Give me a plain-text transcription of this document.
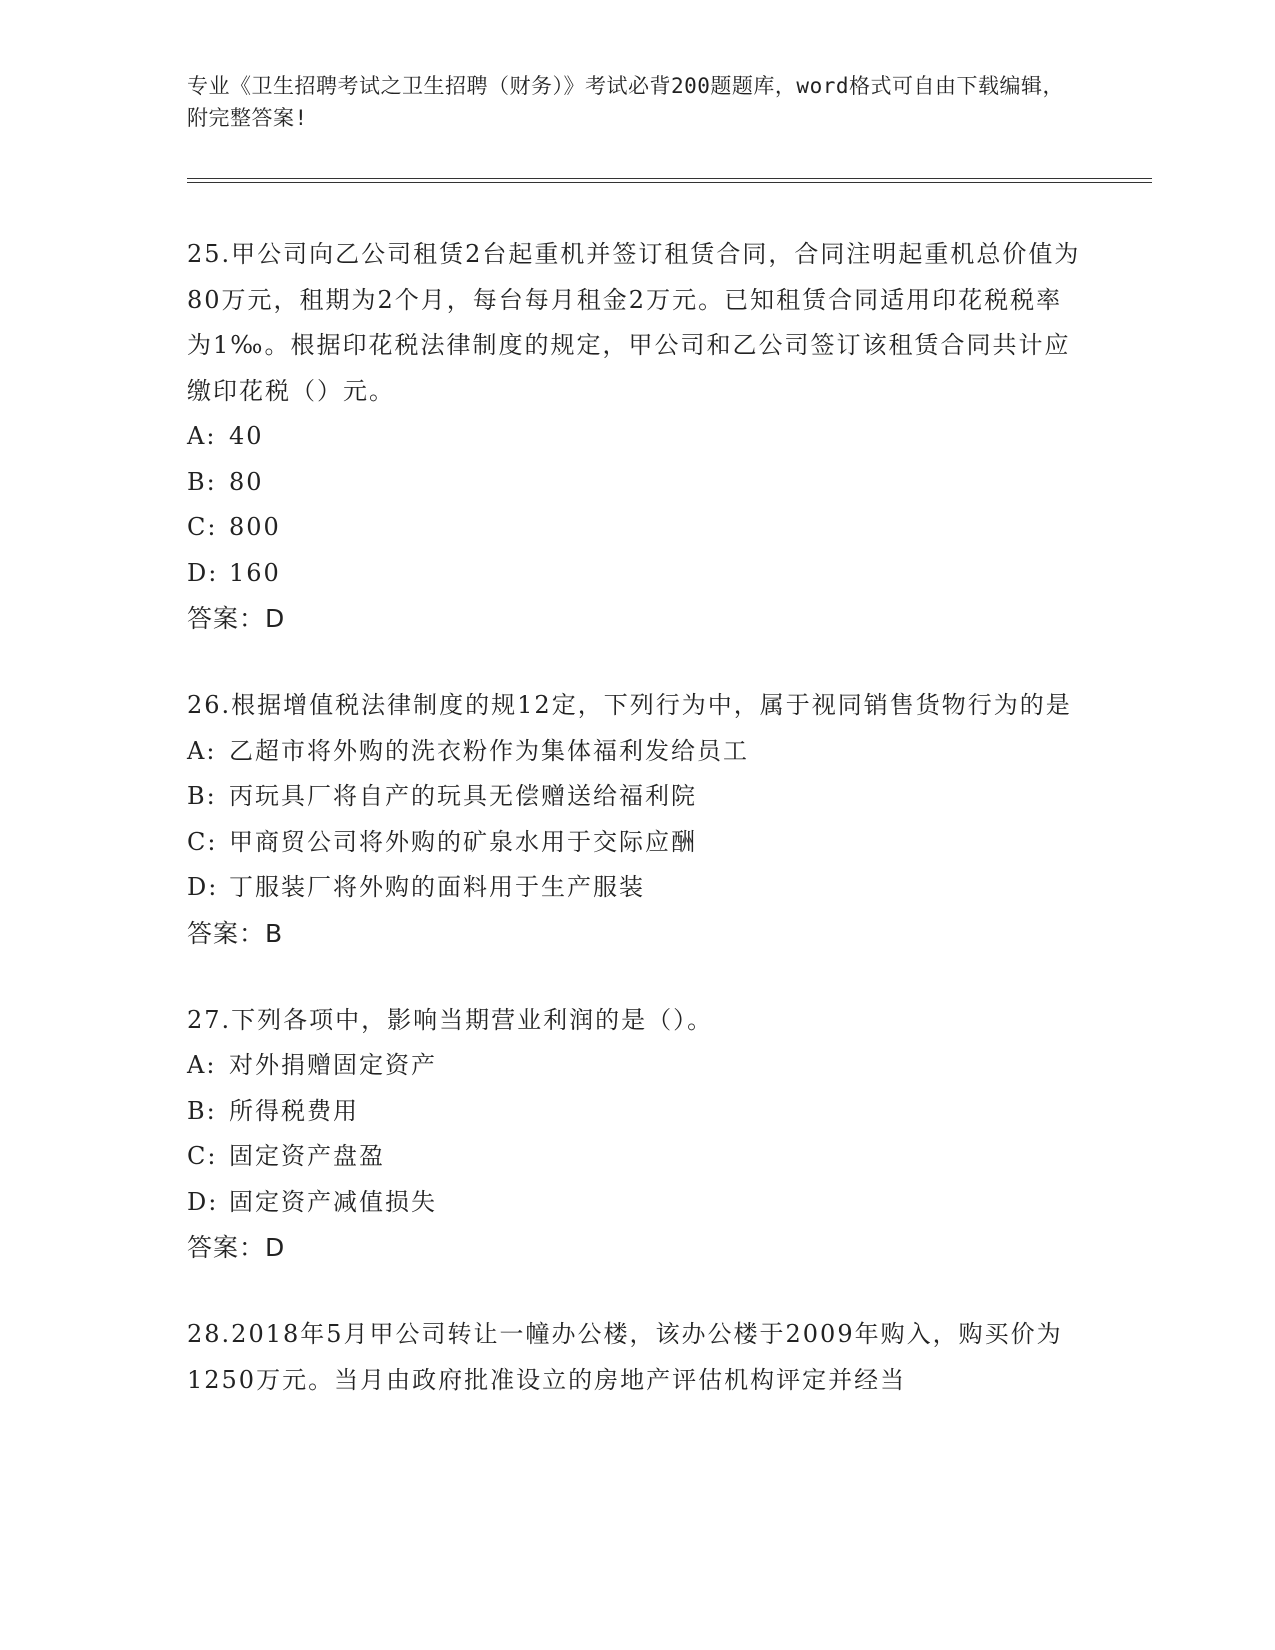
专业《卫生招聘考试之卫生招聘（财务）》考试必背200题题库，word格式可自由下载编辑，附完整答案!

25.甲公司向乙公司租赁2台起重机并签订租赁合同，合同注明起重机总价值为80万元，租期为2个月，每台每月租金2万元。已知租赁合同适用印花税税率为1‰。根据印花税法律制度的规定，甲公司和乙公司签订该租赁合同共计应缴印花税（）元。

A: 40

B: 80

C: 800

D: 160

答案：D

26.根据增值税法律制度的规12定，下列行为中，属于视同销售货物行为的是

A: 乙超市将外购的洗衣粉作为集体福利发给员工

B: 丙玩具厂将自产的玩具无偿赠送给福利院

C: 甲商贸公司将外购的矿泉水用于交际应酬

D: 丁服装厂将外购的面料用于生产服装

答案：B

27.下列各项中，影响当期营业利润的是（）。

A: 对外捐赠固定资产

B: 所得税费用

C: 固定资产盘盈

D: 固定资产减值损失

答案：D

28.2018年5月甲公司转让一幢办公楼，该办公楼于2009年购入，购买价为1250万元。当月由政府批准设立的房地产评估机构评定并经当
